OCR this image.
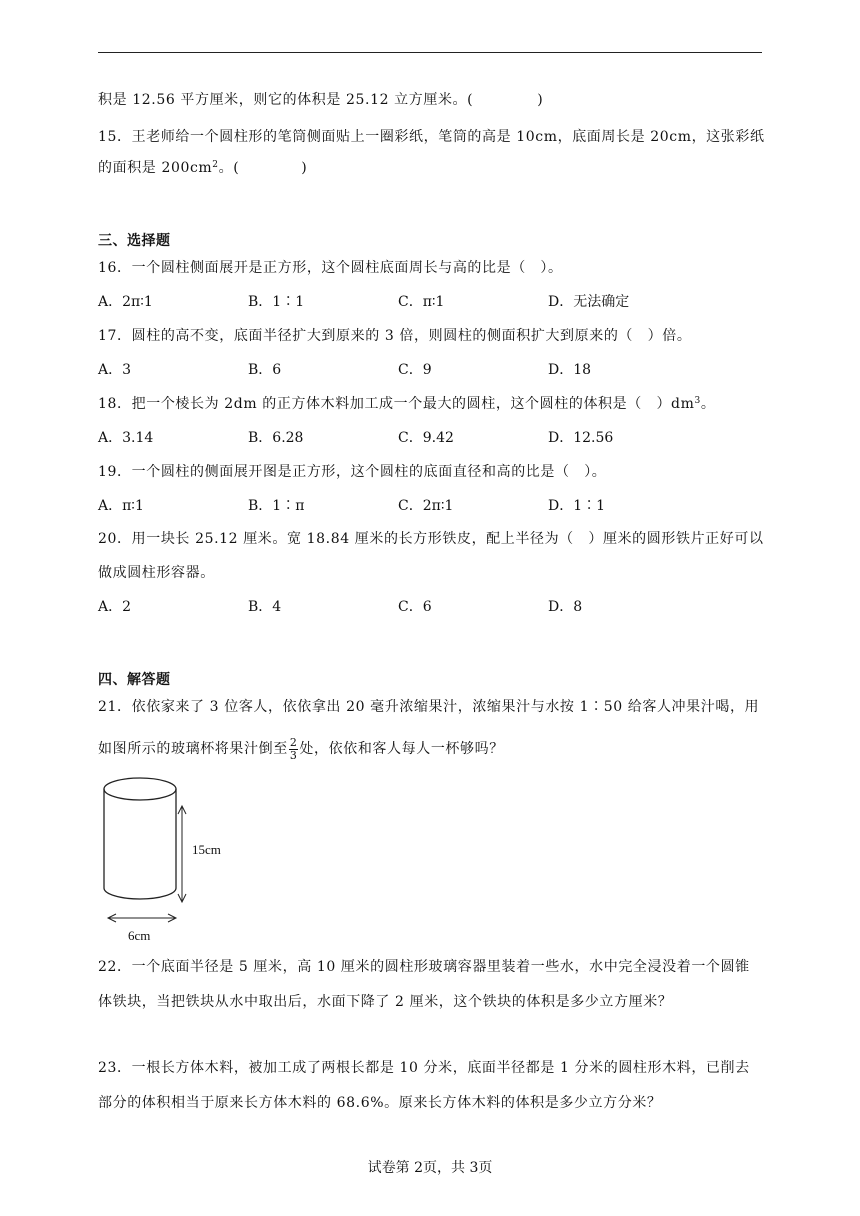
积是 12.56 平方厘米，则它的体积是 25.12 立方厘米。(	)
15．王老师给一个圆柱形的笔筒侧面贴上一圈彩纸，笔筒的高是 10cm，底面周长是 20cm，这张彩纸
的面积是 $200cm^2$。(	)
三、选择题
16．一个圆柱侧面展开是正方形，这个圆柱底面周长与高的比是（　）。
A．2π∶1	B．1∶1	C．π∶1	D．无法确定
17．圆柱的高不变，底面半径扩大到原来的 3 倍，则圆柱的侧面积扩大到原来的（　）倍。
A．3	B．6	C．9	D．18
18．把一个棱长为 2dm 的正方体木料加工成一个最大的圆柱，这个圆柱的体积是（　）$dm^3$。
A．3.14	B．6.28	C．9.42	D．12.56
19．一个圆柱的侧面展开图是正方形，这个圆柱的底面直径和高的比是（　）。
A．π∶1	B．1∶π	C．2π∶1	D．1∶1
20．用一块长 25.12 厘米。宽 18.84 厘米的长方形铁皮，配上半径为（　）厘米的圆形铁片正好可以
做成圆柱形容器。
A．2	B．4	C．6	D．8
四、解答题
21．依依家来了 3 位客人，依依拿出 20 毫升浓缩果汁，浓缩果汁与水按 1∶50 给客人冲果汁喝，用
如图所示的玻璃杯将果汁倒至 $\frac{2}{3}$ 处，依依和客人每人一杯够吗？
15cm
6cm
22．一个底面半径是 5 厘米，高 10 厘米的圆柱形玻璃容器里装着一些水，水中完全浸没着一个圆锥
体铁块，当把铁块从水中取出后，水面下降了 2 厘米，这个铁块的体积是多少立方厘米？
23．一根长方体木料，被加工成了两根长都是 10 分米，底面半径都是 1 分米的圆柱形木料，已削去
部分的体积相当于原来长方体木料的 68.6%。原来长方体木料的体积是多少立方分米？
试卷第 2页，共 3页
